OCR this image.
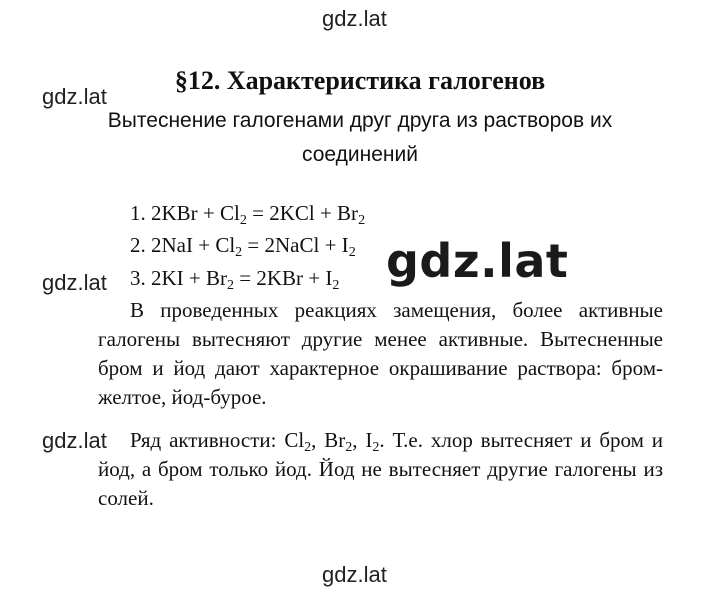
gdz.lat
§12. Характеристика галогенов
gdz.lat
Вытеснение галогенами друг друга из растворов их соединений
1. $2KBr + Cl_2 = 2KCl + Br_2$
2. $2NaI + Cl_2$ = 2NaCl + $I_2$
3. $2KI + Br_2 = 2KBr + I_2$ gdz.lat
gdz.lat
В проведенных реакциях замещения, более активные галогены вытесняют другие менее активные. Вытесненные бром и йод дают характерное окрашивание раствора: бром-желтое, йод-бурое.
gdz.lat	Ряд активности: $Cl_2$, $Br_2$, $I_2$. Т.е. хлор вытесняет и бром и йод, а бром только йод. Йод не вытесняет другие галогены из солей.
gdz.lat
